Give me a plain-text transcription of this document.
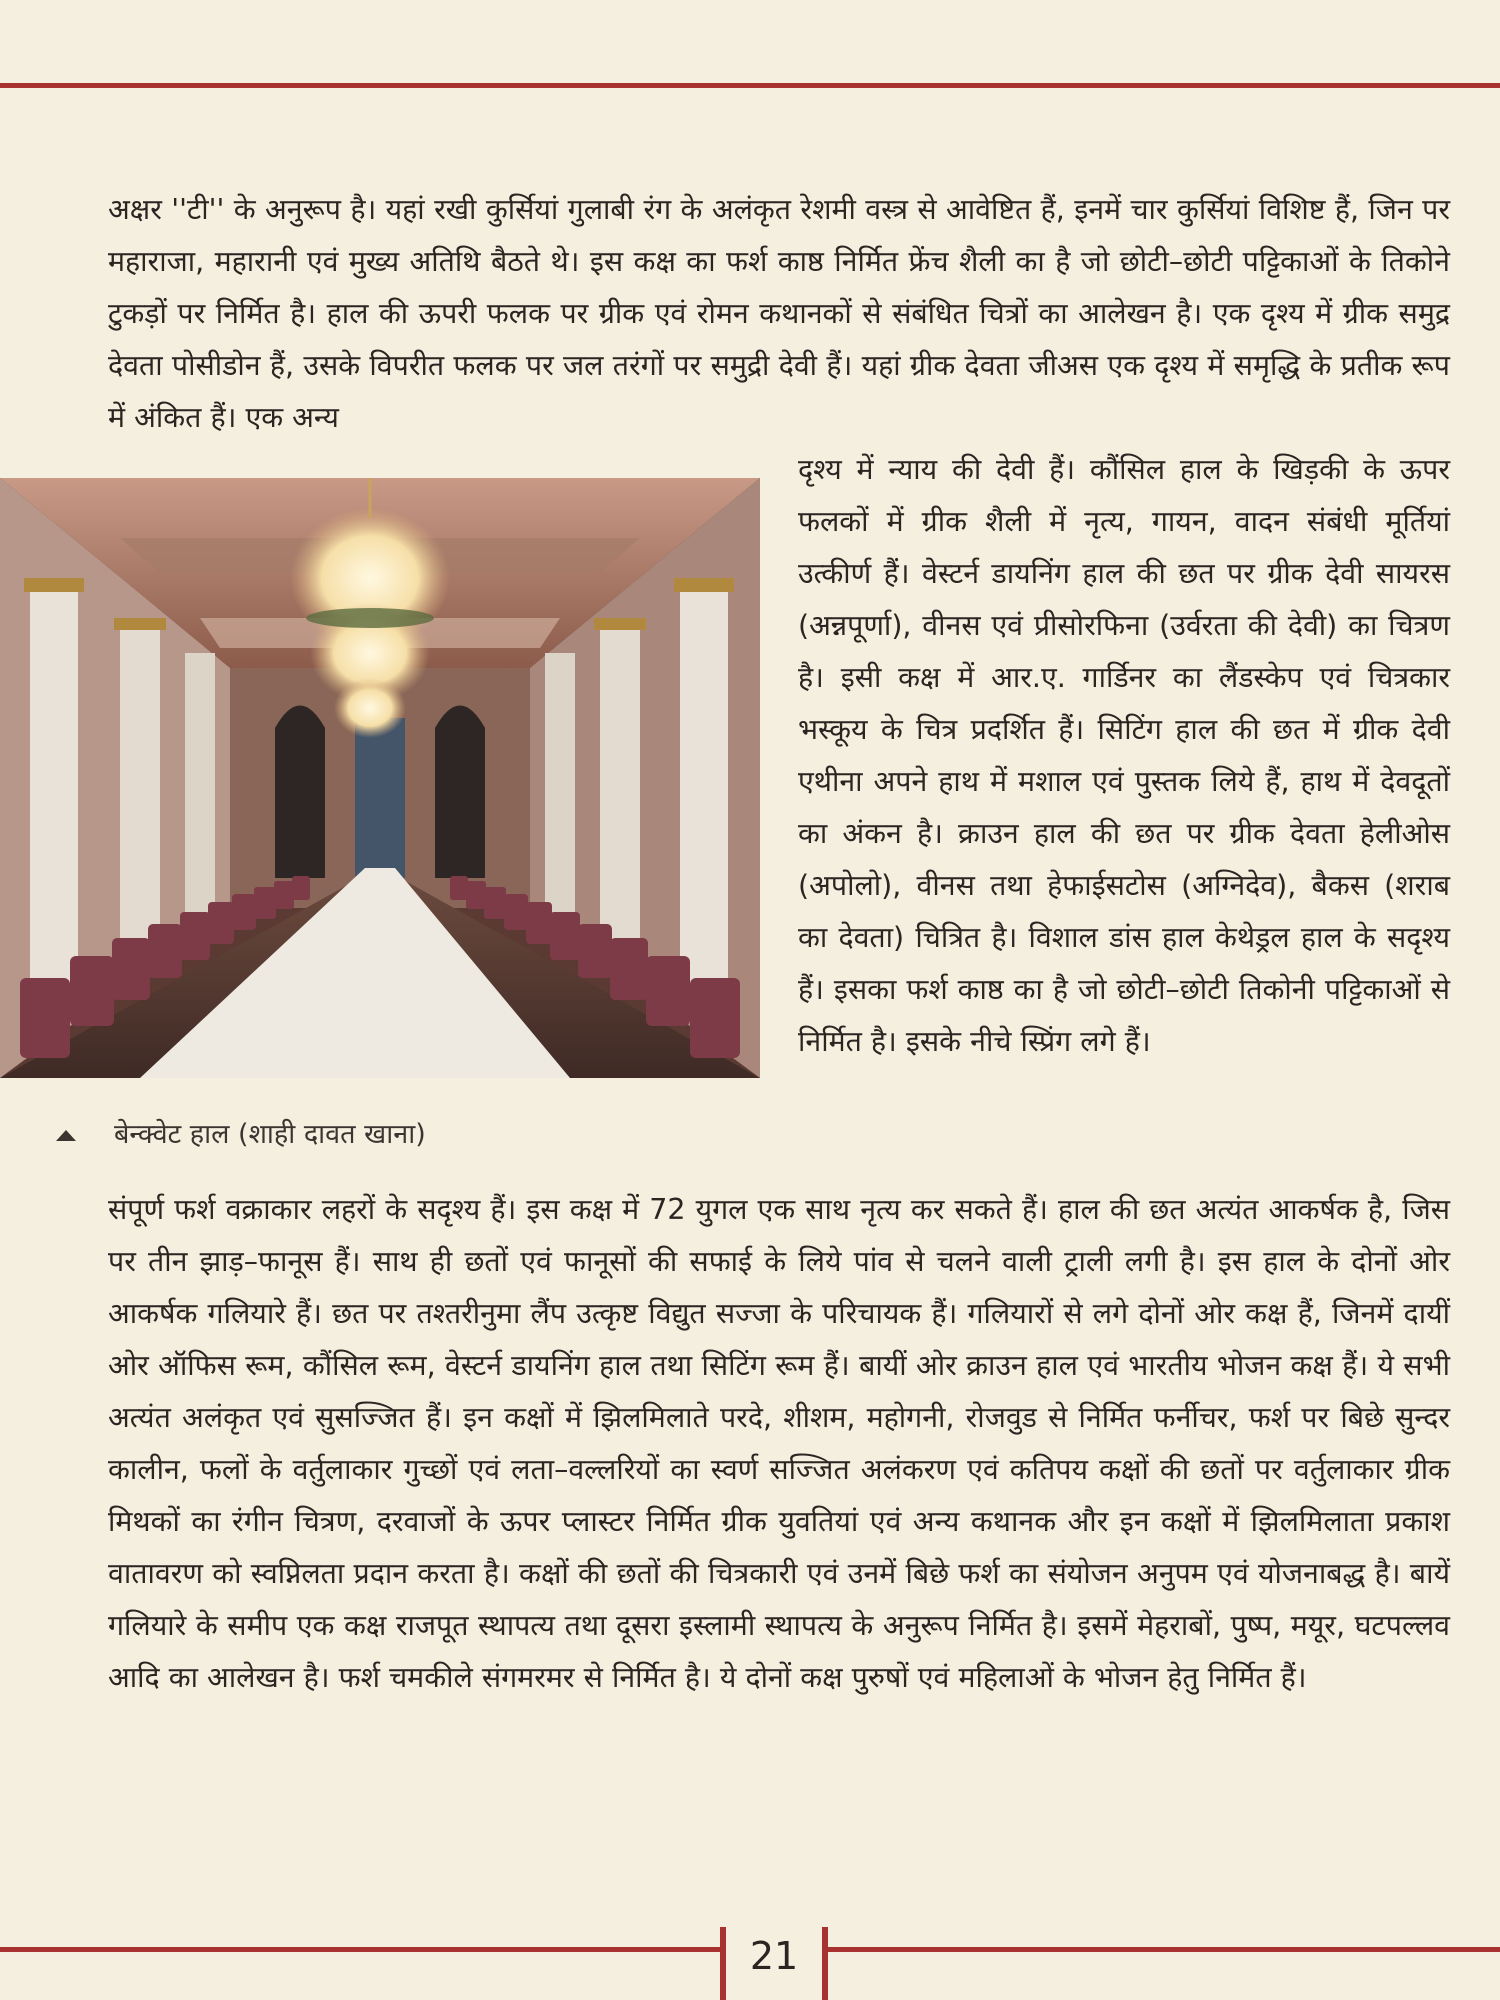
अक्षर ''टी'' के अनुरूप है। यहां रखी कुर्सियां गुलाबी रंग के अलंकृत रेशमी वस्त्र से आवेष्टित हैं, इनमें चार कुर्सियां विशिष्ट हैं, जिन पर महाराजा, महारानी एवं मुख्य अतिथि बैठते थे। इस कक्ष का फर्श काष्ठ निर्मित फ्रेंच शैली का है जो छोटी–छोटी पट्टिकाओं के तिकोने टुकड़ों पर निर्मित है। हाल की ऊपरी फलक पर ग्रीक एवं रोमन कथानकों से संबंधित चित्रों का आलेखन है। एक दृश्य में ग्रीक समुद्र देवता पोसीडोन हैं, उसके विपरीत फलक पर जल तरंगों पर समुद्री देवी हैं। यहां ग्रीक देवता जीअस एक दृश्य में समृद्धि के प्रतीक रूप में अंकित हैं। एक अन्य

दृश्य में न्याय की देवी हैं। कौंसिल हाल के खिड़की के ऊपर फलकों में ग्रीक शैली में नृत्य, गायन, वादन संबंधी मूर्तियां उत्कीर्ण हैं। वेस्टर्न डायनिंग हाल की छत पर ग्रीक देवी सायरस (अन्नपूर्णा), वीनस एवं प्रीसोरफिना (उर्वरता की देवी) का चित्रण है। इसी कक्ष में आर.ए. गार्डिनर का लैंडस्केप एवं चित्रकार भस्कूय के चित्र प्रदर्शित हैं। सिटिंग हाल की छत में ग्रीक देवी एथीना अपने हाथ में मशाल एवं पुस्तक लिये हैं, हाथ में देवदूतों का अंकन है। क्राउन हाल की छत पर ग्रीक देवता हेलीओस (अपोलो), वीनस तथा हेफाईसटोस (अग्निदेव), बैकस (शराब का देवता) चित्रित है। विशाल डांस हाल केथेड्रल हाल के सदृश्य हैं। इसका फर्श काष्ठ का है जो छोटी–छोटी तिकोनी पट्टिकाओं से निर्मित है। इसके नीचे स्प्रिंग लगे हैं।

बेन्क्वेट हाल (शाही दावत खाना)

संपूर्ण फर्श वक्राकार लहरों के सदृश्य हैं। इस कक्ष में 72 युगल एक साथ नृत्य कर सकते हैं। हाल की छत अत्यंत आकर्षक है, जिस पर तीन झाड़–फानूस हैं। साथ ही छतों एवं फानूसों की सफाई के लिये पांव से चलने वाली ट्राली लगी है। इस हाल के दोनों ओर आकर्षक गलियारे हैं। छत पर तश्तरीनुमा लैंप उत्कृष्ट विद्युत सज्जा के परिचायक हैं। गलियारों से लगे दोनों ओर कक्ष हैं, जिनमें दायीं ओर ऑफिस रूम, कौंसिल रूम, वेस्टर्न डायनिंग हाल तथा सिटिंग रूम हैं। बायीं ओर क्राउन हाल एवं भारतीय भोजन कक्ष हैं। ये सभी अत्यंत अलंकृत एवं सुसज्जित हैं। इन कक्षों में झिलमिलाते परदे, शीशम, महोगनी, रोजवुड से निर्मित फर्नीचर, फर्श पर बिछे सुन्दर कालीन, फलों के वर्तुलाकार गुच्छों एवं लता–वल्लरियों का स्वर्ण सज्जित अलंकरण एवं कतिपय कक्षों की छतों पर वर्तुलाकार ग्रीक मिथकों का रंगीन चित्रण, दरवाजों के ऊपर प्लास्टर निर्मित ग्रीक युवतियां एवं अन्य कथानक और इन कक्षों में झिलमिलाता प्रकाश वातावरण को स्वप्निलता प्रदान करता है। कक्षों की छतों की चित्रकारी एवं उनमें बिछे फर्श का संयोजन अनुपम एवं योजनाबद्ध है। बायें गलियारे के समीप एक कक्ष राजपूत स्थापत्य तथा दूसरा इस्लामी स्थापत्य के अनुरूप निर्मित है। इसमें मेहराबों, पुष्प, मयूर, घटपल्लव आदि का आलेखन है। फर्श चमकीले संगमरमर से निर्मित है। ये दोनों कक्ष पुरुषों एवं महिलाओं के भोजन हेतु निर्मित हैं।

21
